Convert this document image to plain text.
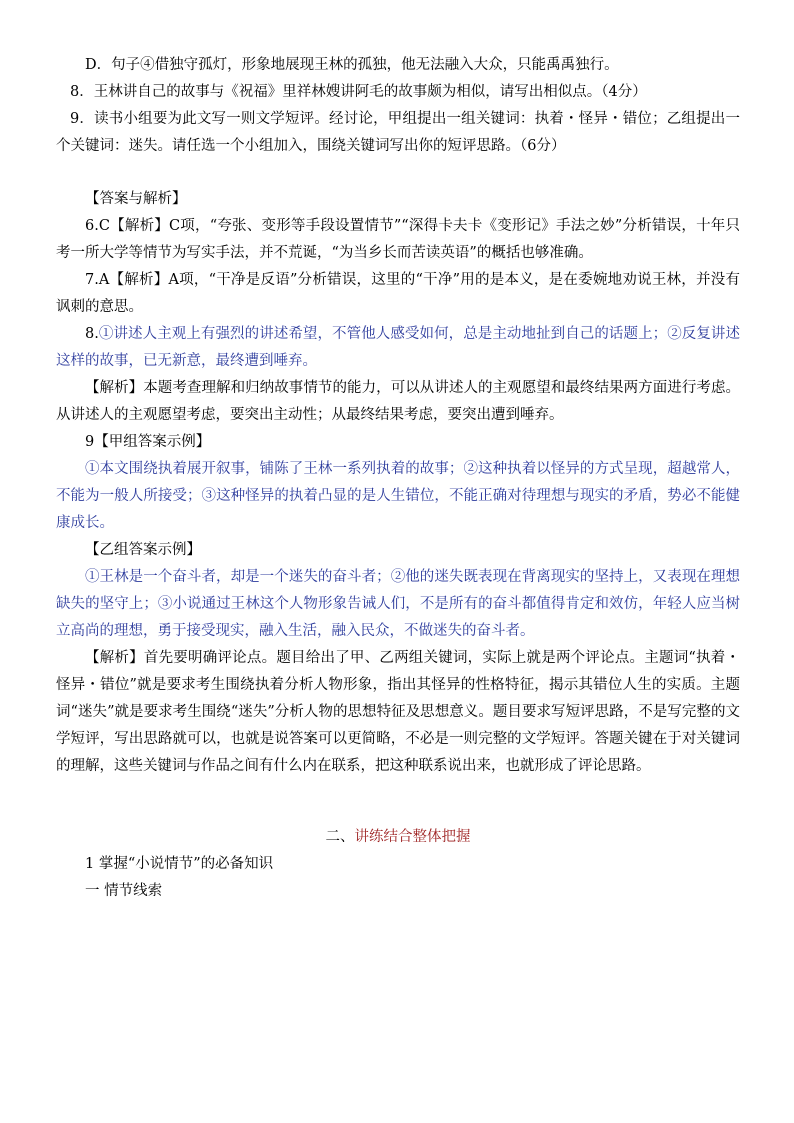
D．句子④借独守孤灯，形象地展现王林的孤独，他无法融入大众，只能禹禹独行。

8．王林讲自己的故事与《祝福》里祥林嫂讲阿毛的故事颇为相似，请写出相似点。（4分）

9．读书小组要为此文写一则文学短评。经讨论，甲组提出一组关键词：执着・怪异・错位；乙组提出一个关键词：迷失。请任选一个小组加入，围绕关键词写出你的短评思路。（6分）

【答案与解析】

6.C【解析】C项，“夸张、变形等手段设置情节”“深得卡夫卡《变形记》手法之妙”分析错误，十年只考一所大学等情节为写实手法，并不荒诞，“为当乡长而苦读英语”的概括也够准确。

7.A【解析】A项，“干净是反语”分析错误，这里的“干净”用的是本义，是在委婉地劝说王林，并没有讽刺的意思。

8.①讲述人主观上有强烈的讲述希望，不管他人感受如何，总是主动地扯到自己的话题上；②反复讲述这样的故事，已无新意，最终遭到唾弃。

【解析】本题考查理解和归纳故事情节的能力，可以从讲述人的主观愿望和最终结果两方面进行考虑。从讲述人的主观愿望考虑，要突出主动性；从最终结果考虑，要突出遭到唾弃。

9【甲组答案示例】

①本文围绕执着展开叙事，铺陈了王林一系列执着的故事；②这种执着以怪异的方式呈现，超越常人，不能为一般人所接受；③这种怪异的执着凸显的是人生错位，不能正确对待理想与现实的矛盾，势必不能健康成长。

【乙组答案示例】

①王林是一个奋斗者，却是一个迷失的奋斗者；②他的迷失既表现在背离现实的坚持上，又表现在理想缺失的坚守上；③小说通过王林这个人物形象告诫人们，不是所有的奋斗都值得肯定和效仿，年轻人应当树立高尚的理想，勇于接受现实，融入生活，融入民众，不做迷失的奋斗者。

【解析】首先要明确评论点。题目给出了甲、乙两组关键词，实际上就是两个评论点。主题词“执着・怪异・错位”就是要求考生围绕执着分析人物形象，指出其怪异的性格特征，揭示其错位人生的实质。主题词“迷失”就是要求考生围绕“迷失”分析人物的思想特征及思想意义。题目要求写短评思路，不是写完整的文学短评，写出思路就可以，也就是说答案可以更简略，不必是一则完整的文学短评。答题关键在于对关键词的理解，这些关键词与作品之间有什么内在联系，把这种联系说出来，也就形成了评论思路。

二、讲练结合整体把握

1 掌握“小说情节”的必备知识

一 情节线索
